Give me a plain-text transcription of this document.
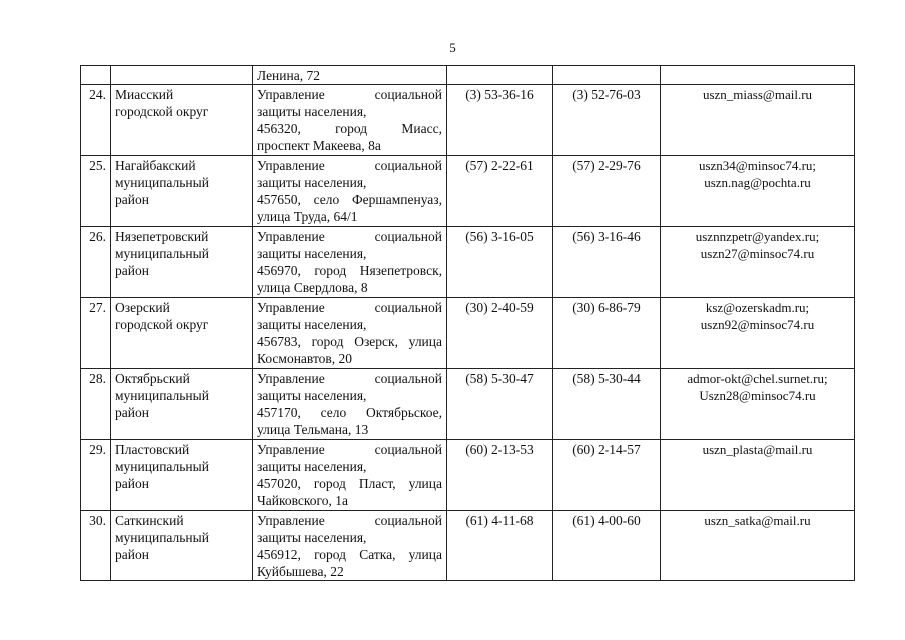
5

		Ленина, 72			

24.	Миасский
городской округ	Управление социальной
защиты населения,
456320, город Миасс,
проспект Макеева, 8а	(3) 53-36-16	(3) 52-76-03	uszn_miass@mail.ru

25.	Нагайбакский
муниципальный
район	Управление социальной
защиты населения,
457650, село Фершампенуаз,
улица Труда, 64/1	(57) 2-22-61	(57) 2-29-76	uszn34@minsoc74.ru;
uszn.nag@pochta.ru

26.	Нязепетровский
муниципальный
район	Управление социальной
защиты населения,
456970, город Нязепетровск,
улица Свердлова, 8	(56) 3-16-05	(56) 3-16-46	usznnzpetr@yandex.ru;
uszn27@minsoc74.ru

27.	Озерский
городской округ	Управление социальной
защиты населения,
456783, город Озерск, улица
Космонавтов, 20	(30) 2-40-59	(30) 6-86-79	ksz@ozerskadm.ru;
uszn92@minsoc74.ru

28.	Октябрьский
муниципальный
район	Управление социальной
защиты населения,
457170, село Октябрьское,
улица Тельмана, 13	(58) 5-30-47	(58) 5-30-44	admor-okt@chel.surnet.ru;
Uszn28@minsoc74.ru

29.	Пластовский
муниципальный
район	Управление социальной
защиты населения,
457020, город Пласт, улица
Чайковского, 1а	(60) 2-13-53	(60) 2-14-57	uszn_plasta@mail.ru

30.	Саткинский
муниципальный
район	Управление социальной
защиты населения,
456912, город Сатка, улица
Куйбышева, 22	(61) 4-11-68	(61) 4-00-60	uszn_satka@mail.ru
